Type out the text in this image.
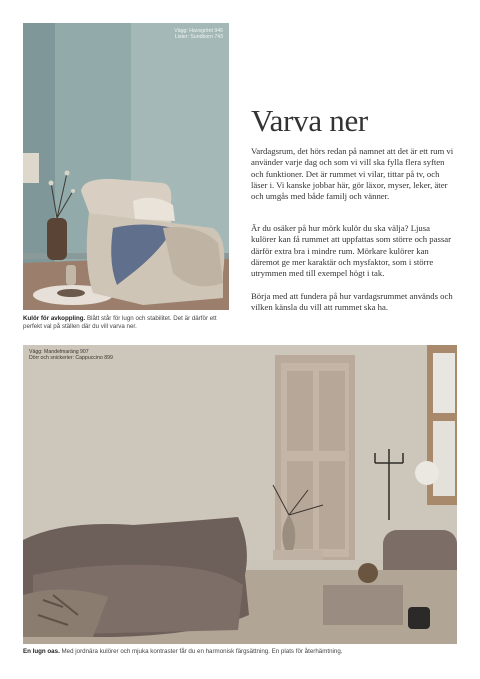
Vägg: Havsgrönt 946
Lister: Sundborn 743
Kulör för avkoppling. Blått står för lugn och stabilitet. Det är därför ett perfekt val på ställen där du vill varva ner.
Varva ner

Vardagsrum, det hörs redan på namnet att det är ett rum vi använder varje dag och som vi vill ska fylla flera syften och funktioner. Det är rummet vi vilar, tittar på tv, och läser i. Vi kanske jobbar här, gör läxor, myser, leker, äter och umgås med både familj och vänner.

Är du osäker på hur mörk kulör du ska välja? Ljusa kulörer kan få rummet att uppfattas som större och passar därför extra bra i mindre rum. Mörkare kulörer kan däremot ge mer karaktär och mysfaktor, som i större utrymmen med till exempel högt i tak.

Börja med att fundera på hur vardagsrummet används och vilken känsla du vill att rummet ska ha.

Vägg: Mandelmaräng 907
Dörr och snickerier: Cappuccino 899
En lugn oas. Med jordnära kulörer och mjuka kontraster får du en harmonisk färgsättning. En plats för återhämtning.
